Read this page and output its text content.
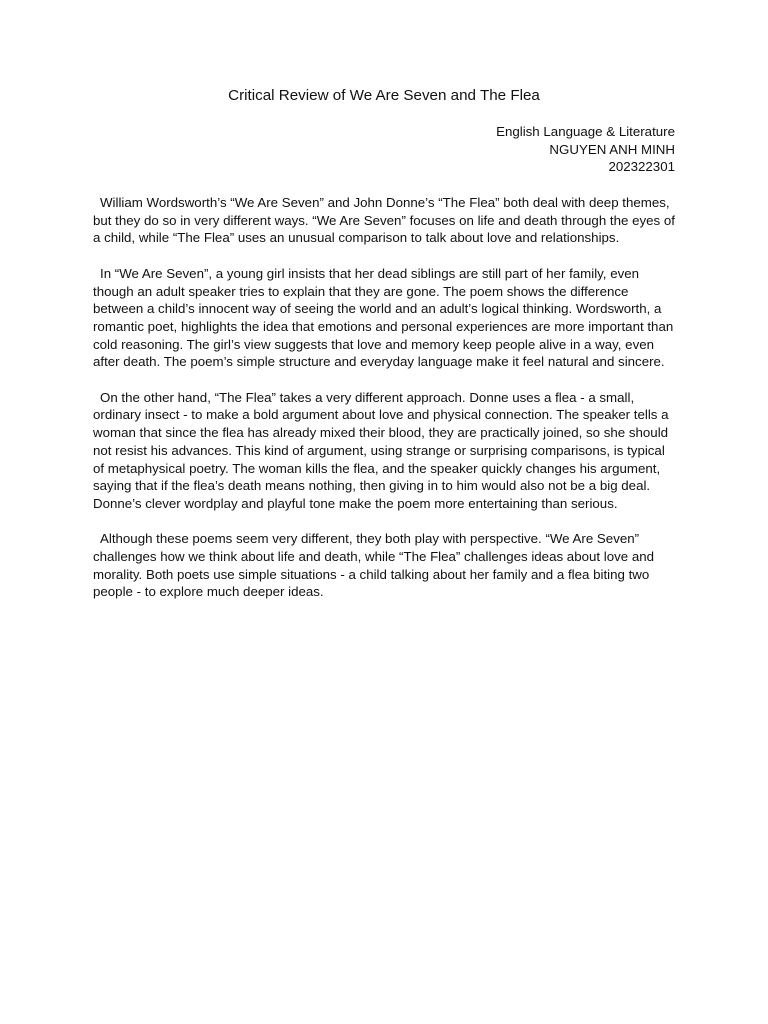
Critical Review of We Are Seven and The Flea
English Language & Literature
NGUYEN ANH MINH
202322301

William Wordsworth’s “We Are Seven” and John Donne’s “The Flea” both deal with deep themes, but they do so in very different ways. “We Are Seven” focuses on life and death through the eyes of a child, while “The Flea” uses an unusual comparison to talk about love and relationships.

In “We Are Seven”, a young girl insists that her dead siblings are still part of her family, even though an adult speaker tries to explain that they are gone. The poem shows the difference between a child’s innocent way of seeing the world and an adult’s logical thinking. Wordsworth, a romantic poet, highlights the idea that emotions and personal experiences are more important than cold reasoning. The girl’s view suggests that love and memory keep people alive in a way, even after death. The poem’s simple structure and everyday language make it feel natural and sincere.

On the other hand, “The Flea” takes a very different approach. Donne uses a flea - a small, ordinary insect - to make a bold argument about love and physical connection. The speaker tells a woman that since the flea has already mixed their blood, they are practically joined, so she should not resist his advances. This kind of argument, using strange or surprising comparisons, is typical of metaphysical poetry. The woman kills the flea, and the speaker quickly changes his argument, saying that if the flea’s death means nothing, then giving in to him would also not be a big deal. Donne’s clever wordplay and playful tone make the poem more entertaining than serious.

Although these poems seem very different, they both play with perspective. “We Are Seven” challenges how we think about life and death, while “The Flea” challenges ideas about love and morality. Both poets use simple situations - a child talking about her family and a flea biting two people - to explore much deeper ideas.
